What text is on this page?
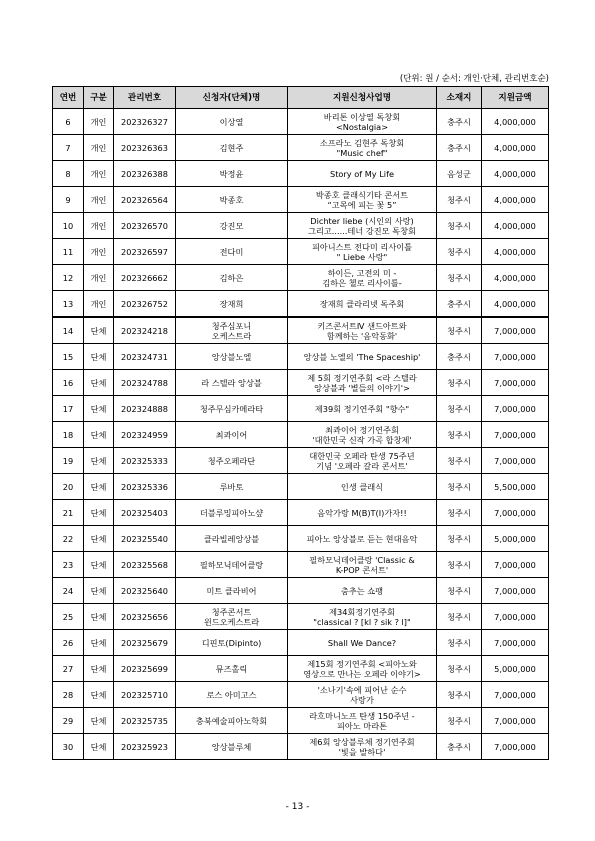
(단위: 원 / 순서: 개인·단체, 관리번호순)
연번	구분	관리번호	신청자(단체)명	지원신청사업명	소재지	지원금액
6	개인	202326327	이상열	바리톤 이상열 독창회
<Nostalgia>	충주시	4,000,000
7	개인	202326363	김현주	소프라노 김현주 독창회
"Music chef"	충주시	4,000,000
8	개인	202326388	박정윤	Story of My Life	음성군	4,000,000
9	개인	202326564	박종호	박종호 클래식기타 콘서트
“고목에 피는 꽃 5”	청주시	4,000,000
10	개인	202326570	강진모	Dichter liebe (시인의 사랑)
그리고......테너 강진모 독창회	청주시	4,000,000
11	개인	202326597	전다미	피아니스트 전다미 리사이틀
" Liebe 사랑"	청주시	4,000,000
12	개인	202326662	김하은	하이든, 고전의 미 -
김하은 첼로 리사이틀-	청주시	4,000,000
13	개인	202326752	장재희	장재희 클라리넷 독주회	충주시	4,000,000
14	단체	202324218	청주심포니
오케스트라	키즈콘서트Ⅳ 샌드아트와
함께하는 '음악동화'	청주시	7,000,000
15	단체	202324731	앙상블노엘	앙상블 노엘의 'The Spaceship'	충주시	7,000,000
16	단체	202324788	라 스텔라 앙상블	제 5회 정기연주회 <라 스텔라
앙상블과 '별들의 이야기'>	청주시	7,000,000
17	단체	202324888	청주무심카메라타	제39회 정기연주회 "향수"	청주시	7,000,000
18	단체	202324959	최콰이어	최콰이어 정기연주회
'대한민국 신작 가곡 합창제'	청주시	7,000,000
19	단체	202325333	청주오페라단	대한민국 오페라 탄생 75주년
기념 '오페라 갈라 콘서트'	청주시	7,000,000
20	단체	202325336	루바토	인생 클래식	청주시	5,500,000
21	단체	202325403	더블루밍피아노샾	음악가랑 M(B)T(I)가자!!	청주시	7,000,000
22	단체	202325540	클라빌레앙상블	피아노 앙상블로 듣는 현대음악	청주시	5,000,000
23	단체	202325568	필하모닉데어클랑	필하모닉데어클랑 'Classic &
K-POP 콘서트'	청주시	7,000,000
24	단체	202325640	미트 클라비어	춤추는 쇼팽	청주시	7,000,000
25	단체	202325656	청주콘서트
윈드오케스트라	제34회정기연주회
"classical ? [kl ? sik ? l]"	청주시	7,000,000
26	단체	202325679	디핀토(Dipinto)	Shall We Dance?	청주시	7,000,000
27	단체	202325699	뮤즈홀릭	제15회 정기연주회 <피아노와
영상으로 만나는 오페라 이야기>	청주시	5,000,000
28	단체	202325710	로스 아미고스	'소나기'속에 피어난 순수
사랑가	청주시	7,000,000
29	단체	202325735	충북예술피아노학회	라흐마니노프 탄생 150주년 -
피아노 마라톤	청주시	7,000,000
30	단체	202325923	앙상블루체	제6회 앙상블루체 정기연주회
'빛을 발하다'	충주시	7,000,000
- 13 -
